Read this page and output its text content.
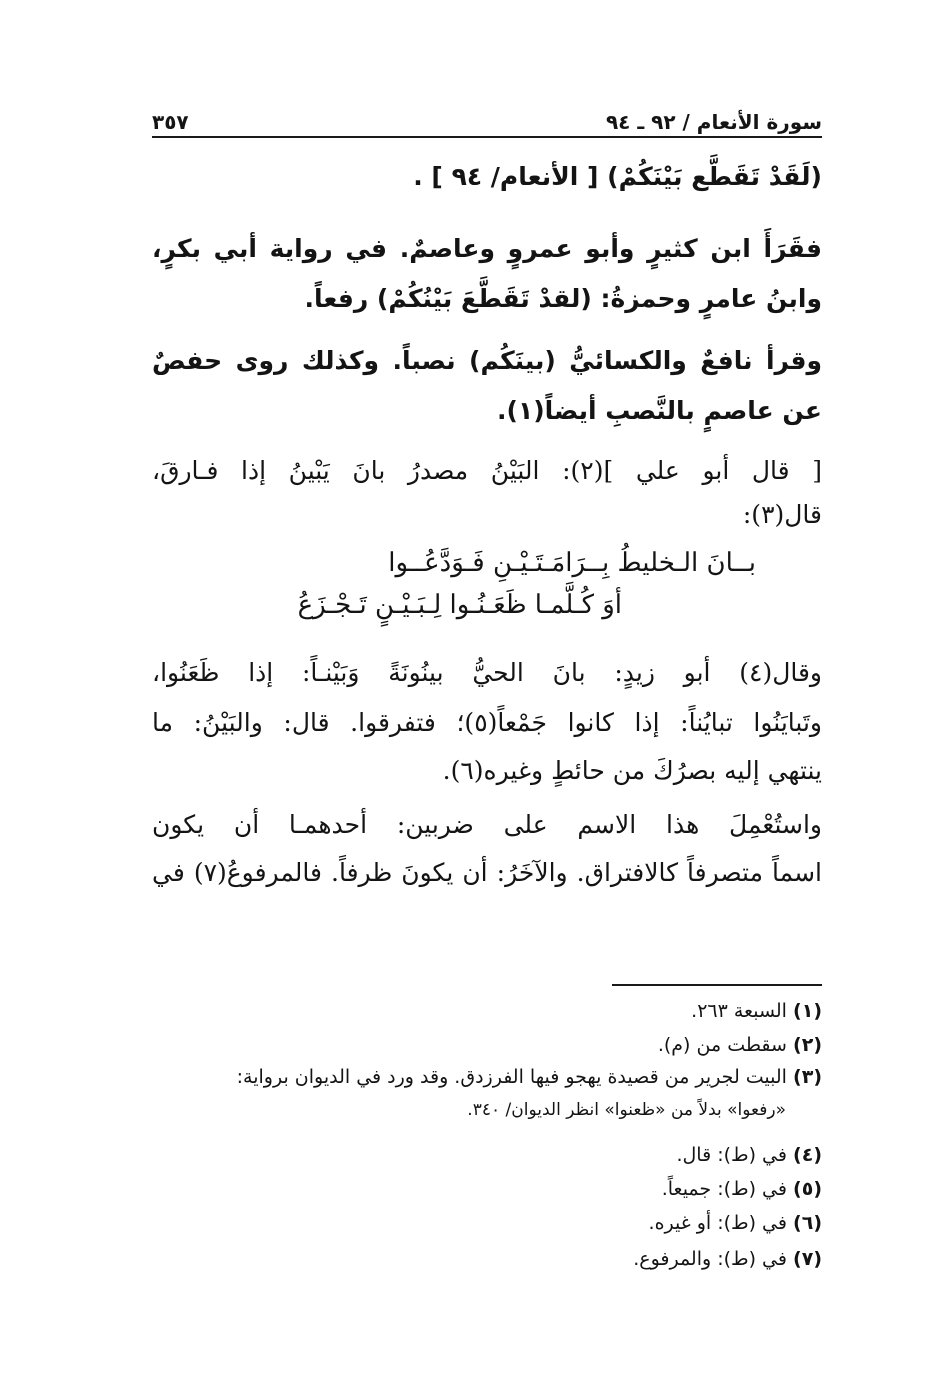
سورة الأنعام / ٩٢ ـ ٩٤
٣٥٧
(لَقَدْ تَقَطَّع بَيْنَكُمْ) [ الأنعام/ ٩٤ ] .
فقَرَأَ ابن كثيرٍ وأبو عمروٍ وعاصمٌ. في رواية أبي بكرٍ،
وابنُ عامرٍ وحمزةُ: (لقدْ تَقَطَّعَ بَيْنُكُمْ) رفعاً.
وقرأ نافعٌ والكسائيُّ (بينَكُم) نصباً. وكذلك روى حفصٌ
عن عاصمٍ بالنَّصبِ أيضاً(١).
[ قال أبو علي ](٢): البَيْنُ مصدرُ بانَ يَبْينُ إذا فـارقَ،
قال(٣):
بــانَ الـخليطُ بِــرَامَـتَـيْـنِ فَـوَدَّعُــوا
أوَ كُـلَّمـا ظَعَـنُـوا لِـبَـيْـنٍ تَـجْـزَعُ
وقال(٤) أبو زيدٍ: بانَ الحيُّ بينُونَةً وَبَيْنـاً: إذا ظَعَنُوا،
وتَبايَنُوا تبايُناً: إذا كانوا جَمْعاً(٥)؛ فتفرقوا. قال: والبَيْنُ: ما
ينتهي إليه بصرُكَ من حائطٍ وغيره(٦).
واستُعْمِلَ هذا الاسم على ضربين: أحدهمـا أن يكون
اسماً متصرفاً كالافتراق. والآخَرُ: أن يكونَ ظرفاً. فالمرفوعُ(٧) في
(١) السبعة ٢٦٣.
(٢) سقطت من (م).
(٣) البيت لجرير من قصيدة يهجو فيها الفرزدق. وقد ورد في الديوان برواية:
«رفعوا» بدلاً من «ظعنوا» انظر الديوان/ ٣٤٠.
(٤) في (ط): قال.
(٥) في (ط): جميعاً.
(٦) في (ط): أو غيره.
(٧) في (ط): والمرفوع.
